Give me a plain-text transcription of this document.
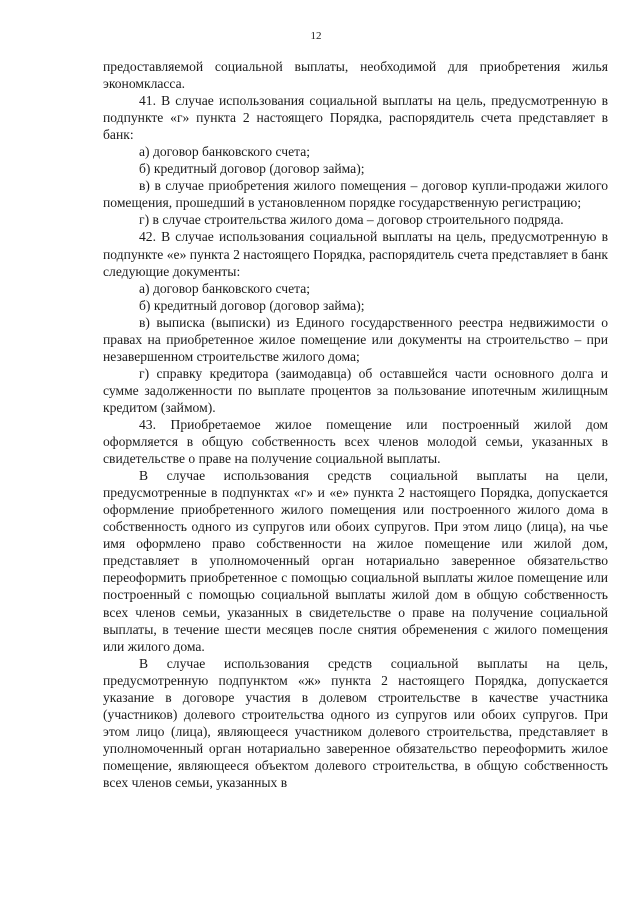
12

предоставляемой социальной выплаты, необходимой для приобретения жилья экономкласса.

41. В случае использования социальной выплаты на цель, предусмотренную в подпункте «г» пункта 2 настоящего Порядка, распорядитель счета представляет в банк:

а) договор банковского счета;

б) кредитный договор (договор займа);

в) в случае приобретения жилого помещения – договор купли-продажи жилого помещения, прошедший в установленном порядке государственную регистрацию;

г) в случае строительства жилого дома – договор строительного подряда.

42. В случае использования социальной выплаты на цель, предусмотренную в подпункте «е» пункта 2 настоящего Порядка, распорядитель счета представляет в банк следующие документы:

а) договор банковского счета;

б) кредитный договор (договор займа);

в) выписка (выписки) из Единого государственного реестра недвижимости о правах на приобретенное жилое помещение или документы на строительство – при незавершенном строительстве жилого дома;

г) справку кредитора (заимодавца) об оставшейся части основного долга и сумме задолженности по выплате процентов за пользование ипотечным жилищным кредитом (займом).

43. Приобретаемое жилое помещение или построенный жилой дом оформляется в общую собственность всех членов молодой семьи, указанных в свидетельстве о праве на получение социальной выплаты.

В случае использования средств социальной выплаты на цели, предусмотренные в подпунктах «г» и «е» пункта 2 настоящего Порядка, допускается оформление приобретенного жилого помещения или построенного жилого дома в собственность одного из супругов или обоих супругов. При этом лицо (лица), на чье имя оформлено право собственности на жилое помещение или жилой дом, представляет в уполномоченный орган нотариально заверенное обязательство переоформить приобретенное с помощью социальной выплаты жилое помещение или построенный с помощью социальной выплаты жилой дом в общую собственность всех членов семьи, указанных в свидетельстве о праве на получение социальной выплаты, в течение шести месяцев после снятия обременения с жилого помещения или жилого дома.

В случае использования средств социальной выплаты на цель, предусмотренную подпунктом «ж» пункта 2 настоящего Порядка, допускается указание в договоре участия в долевом строительстве в качестве участника (участников) долевого строительства одного из супругов или обоих супругов. При этом лицо (лица), являющееся участником долевого строительства, представляет в уполномоченный орган нотариально заверенное обязательство переоформить жилое помещение, являющееся объектом долевого строительства, в общую собственность всех членов семьи, указанных в
